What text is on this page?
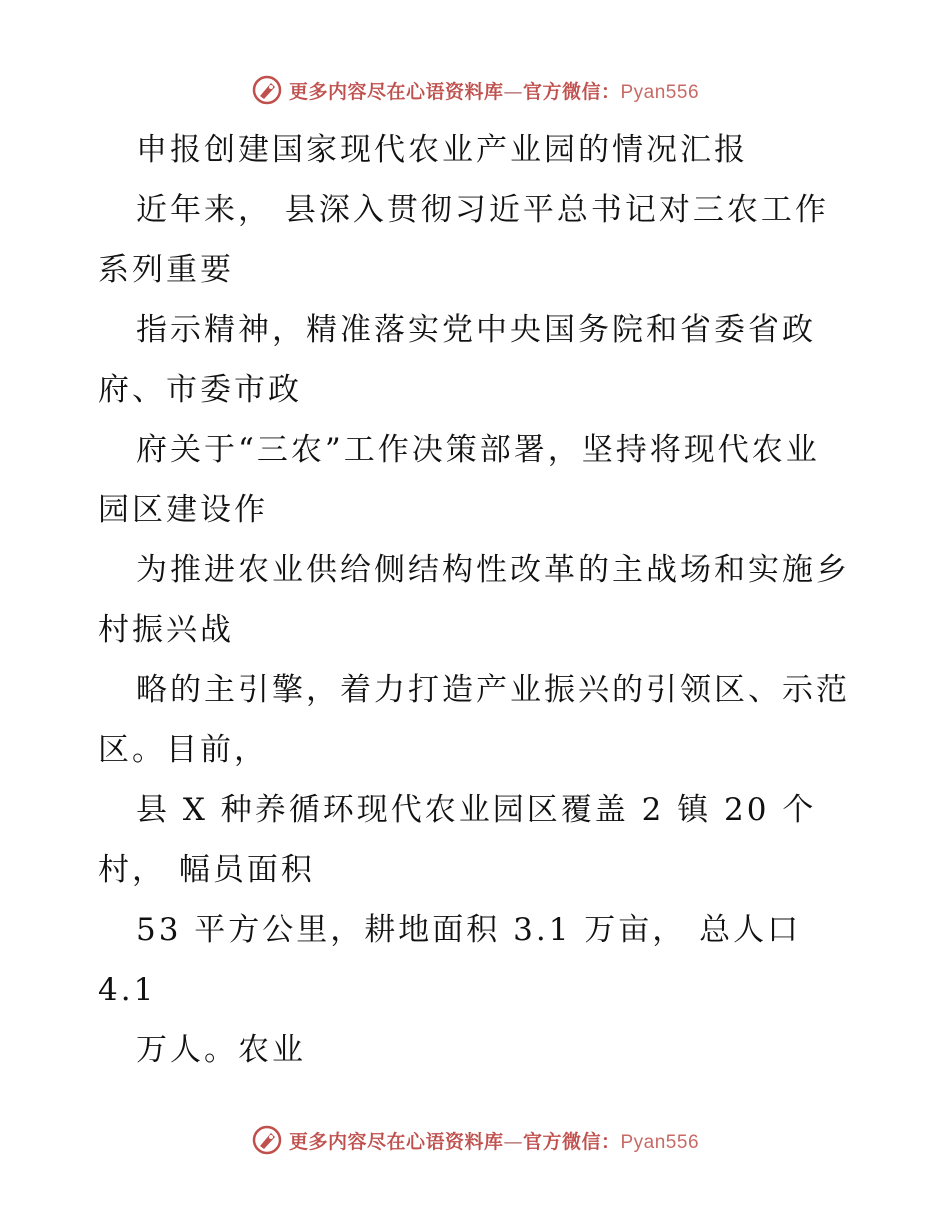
更多内容尽在心语资料库—官方微信：Pyan556
申报创建国家现代农业产业园的情况汇报
近年来， 县深入贯彻习近平总书记对三农工作
系列重要
指示精神，精准落实党中央国务院和省委省政
府、市委市政
府关于“三农”工作决策部署，坚持将现代农业
园区建设作
为推进农业供给侧结构性改革的主战场和实施乡
村振兴战
略的主引擎，着力打造产业振兴的引领区、示范
区。目前，
县 X 种养循环现代农业园区覆盖 2 镇 20 个
村， 幅员面积
53 平方公里，耕地面积 3.1 万亩， 总人口
4.1
万人。农业
更多内容尽在心语资料库—官方微信：Pyan556
